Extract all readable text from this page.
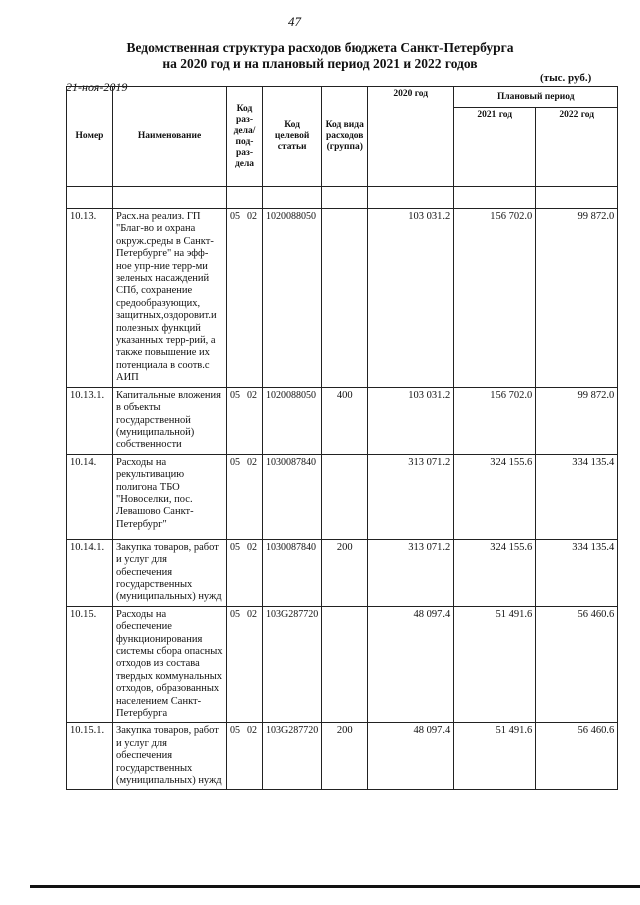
47
Ведомственная структура расходов бюджета Санкт-Петербурга
на 2020 год и на плановый период 2021 и 2022 годов
21-ноя-2019
(тыс. руб.)
Номер	Наименование	Код раз-дела/ под-раз-дела	Код целевой статьи	Код вида расходов (группа)	2020 год	Плановый период	
						2021 год	2022 год

10.13.	Расх.на реализ. ГП "Благ-во и охрана окруж.среды в Санкт-Петербурге" на эфф-ное упр-ние терр-ми зеленых насаждений СПб, сохранение средообразующих, защитных,оздоровит.и полезных функций указанных терр-рий, а также повышение их потенциала в соотв.с АИП	05 02	1020088050		103 031.2	156 702.0	99 872.0
10.13.1.	Капитальные вложения в объекты государственной (муниципальной) собственности	05 02	1020088050	400	103 031.2	156 702.0	99 872.0
10.14.	Расходы на рекультивацию полигона ТБО "Новоселки, пос. Левашово Санкт-Петербург"	05 02	1030087840		313 071.2	324 155.6	334 135.4
10.14.1.	Закупка товаров, работ и услуг для обеспечения государственных (муниципальных) нужд	05 02	1030087840	200	313 071.2	324 155.6	334 135.4
10.15.	Расходы на обеспечение функционирования системы сбора опасных отходов из состава твердых коммунальных отходов, образованных населением Санкт-Петербурга	05 02	103G287720		48 097.4	51 491.6	56 460.6
10.15.1.	Закупка товаров, работ и услуг для обеспечения государственных (муниципальных) нужд	05 02	103G287720	200	48 097.4	51 491.6	56 460.6
